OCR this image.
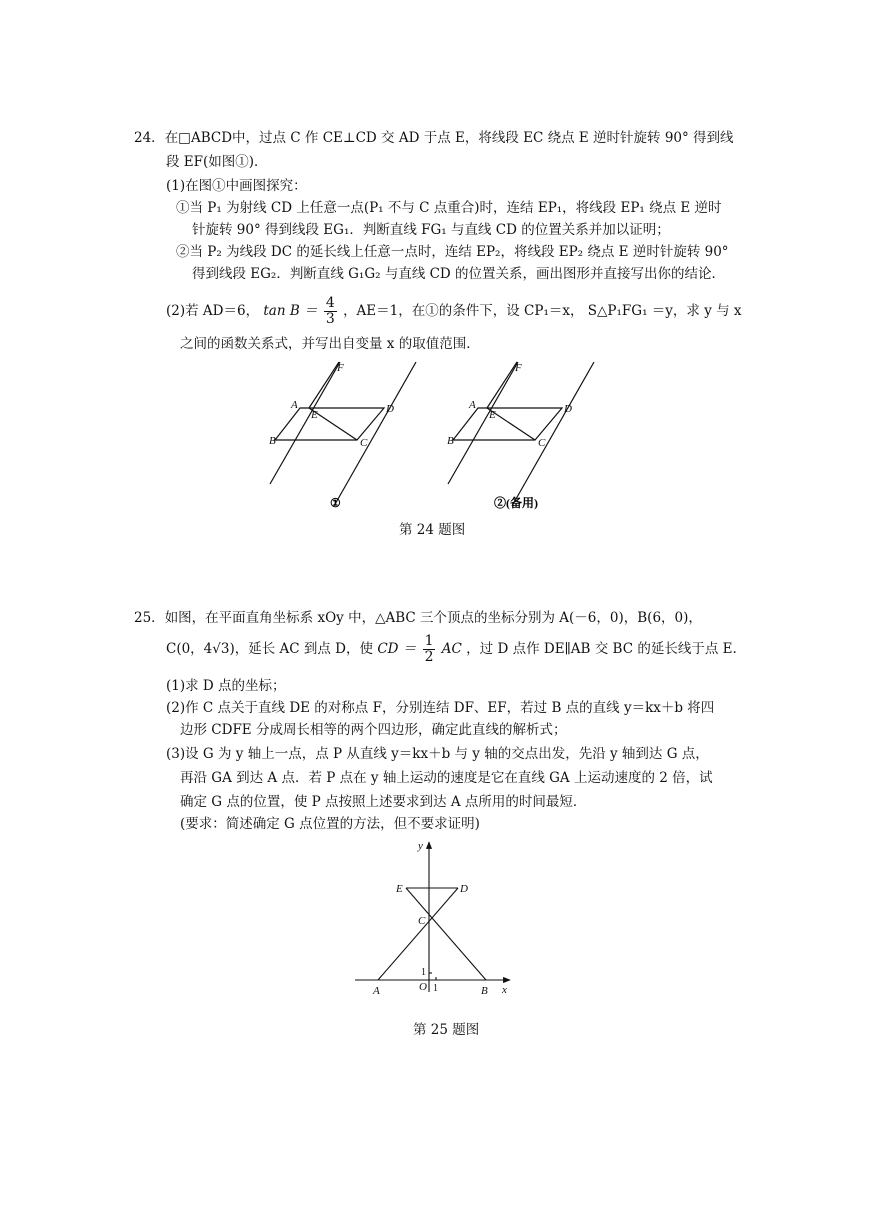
24．在□ABCD中，过点 C 作 CE⊥CD 交 AD 于点 E，将线段 EC 绕点 E 逆时针旋转 90° 得到线
段 EF(如图①)．
(1)在图①中画图探究：
①当 P₁ 为射线 CD 上任意一点(P₁ 不与 C 点重合)时，连结 EP₁，将线段 EP₁ 绕点 E 逆时
针旋转 90° 得到线段 EG₁．判断直线 FG₁ 与直线 CD 的位置关系并加以证明；
②当 P₂ 为线段 DC 的延长线上任意一点时，连结 EP₂，将线段 EP₂ 绕点 E 逆时针旋转 90°
得到线段 EG₂．判断直线 G₁G₂ 与直线 CD 的位置关系，画出图形并直接写出你的结论．
(2)若 AD＝6， $\tan B = \frac{4}{3}$ ，AE＝1，在①的条件下，设 CP₁＝x， S△P₁FG₁ ＝y，求 y 与 x
之间的函数关系式，并写出自变量 x 的取值范围．
F
A
E	D
B	C
①
F
A
E	D
B	C
②(备用)
第 24 题图
25．如图，在平面直角坐标系 xOy 中，△ABC 三个顶点的坐标分别为 A(－6，0)，B(6，0)，
C(0，4√3)，延长 AC 到点 D，使 CD ＝ $\frac{1}{2}$ AC ，过 D 点作 DE∥AB 交 BC 的延长线于点 E.
(1)求 D 点的坐标；
(2)作 C 点关于直线 DE 的对称点 F，分别连结 DF、EF，若过 B 点的直线 y＝kx＋b 将四
边形 CDFE 分成周长相等的两个四边形，确定此直线的解析式；
(3)设 G 为 y 轴上一点，点 P 从直线 y＝kx＋b 与 y 轴的交点出发，先沿 y 轴到达 G 点，
再沿 GA 到达 A 点．若 P 点在 y 轴上运动的速度是它在直线 GA 上运动速度的 2 倍，试
确定 G 点的位置，使 P 点按照上述要求到达 A 点所用的时间最短．
(要求：简述确定 G 点位置的方法，但不要求证明)
y
x
E	D
C
A	O	B
1
1
第 25 题图
